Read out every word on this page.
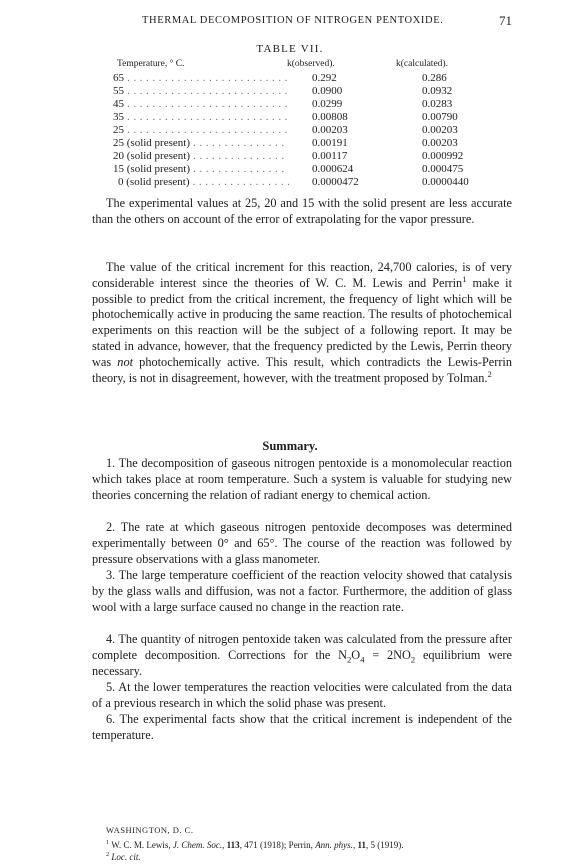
THERMAL DECOMPOSITION OF NITROGEN PENTOXIDE.	71
TABLE VII.
Temperature, ° C.	k(observed).	k(calculated).
65 . . .	0.292	0.286
55 . . .	0.0900	0.0932
45 . . .	0.0299	0.0283
35 . . .	0.00808	0.00790
25 . . .	0.00203	0.00203
25 (solid present) . . .	0.00191	0.00203
20 (solid present) . . .	0.00117	0.000992
15 (solid present) . . .	0.000624	0.000475
0 (solid present) . . .	0.0000472	0.0000440

The experimental values at 25, 20 and 15 with the solid present are less accurate than the others on account of the error of extrapolating for the vapor pressure.

The value of the critical increment for this reaction, 24,700 calories, is of very considerable interest since the theories of W. C. M. Lewis and Perrin$^1$ make it possible to predict from the critical increment, the frequency of light which will be photochemically active in producing the same reaction. The results of photochemical experiments on this reaction will be the subject of a following report. It may be stated in advance, however, that the frequency predicted by the Lewis, Perrin theory was not photochemically active. This result, which contradicts the Lewis-Perrin theory, is not in disagreement, however, with the treatment proposed by Tolman.$^2$

Summary.

1. The decomposition of gaseous nitrogen pentoxide is a monomolecular reaction which takes place at room temperature. Such a system is valuable for studying new theories concerning the relation of radiant energy to chemical action.

2. The rate at which gaseous nitrogen pentoxide decomposes was determined experimentally between 0° and 65°. The course of the reaction was followed by pressure observations with a glass manometer.

3. The large temperature coefficient of the reaction velocity showed that catalysis by the glass walls and diffusion, was not a factor. Furthermore, the addition of glass wool with a large surface caused no change in the reaction rate.

4. The quantity of nitrogen pentoxide taken was calculated from the pressure after complete decomposition. Corrections for the $N_2O_4 = 2NO_2$ equilibrium were necessary.

5. At the lower temperatures the reaction velocities were calculated from the data of a previous research in which the solid phase was present.

6. The experimental facts show that the critical increment is independent of the temperature.

WASHINGTON, D. C.
$^1$ W. C. M. Lewis, J. Chem. Soc., 113, 471 (1918); Perrin, Ann. phys., 11, 5 (1919).
$^2$ Loc. cit.
